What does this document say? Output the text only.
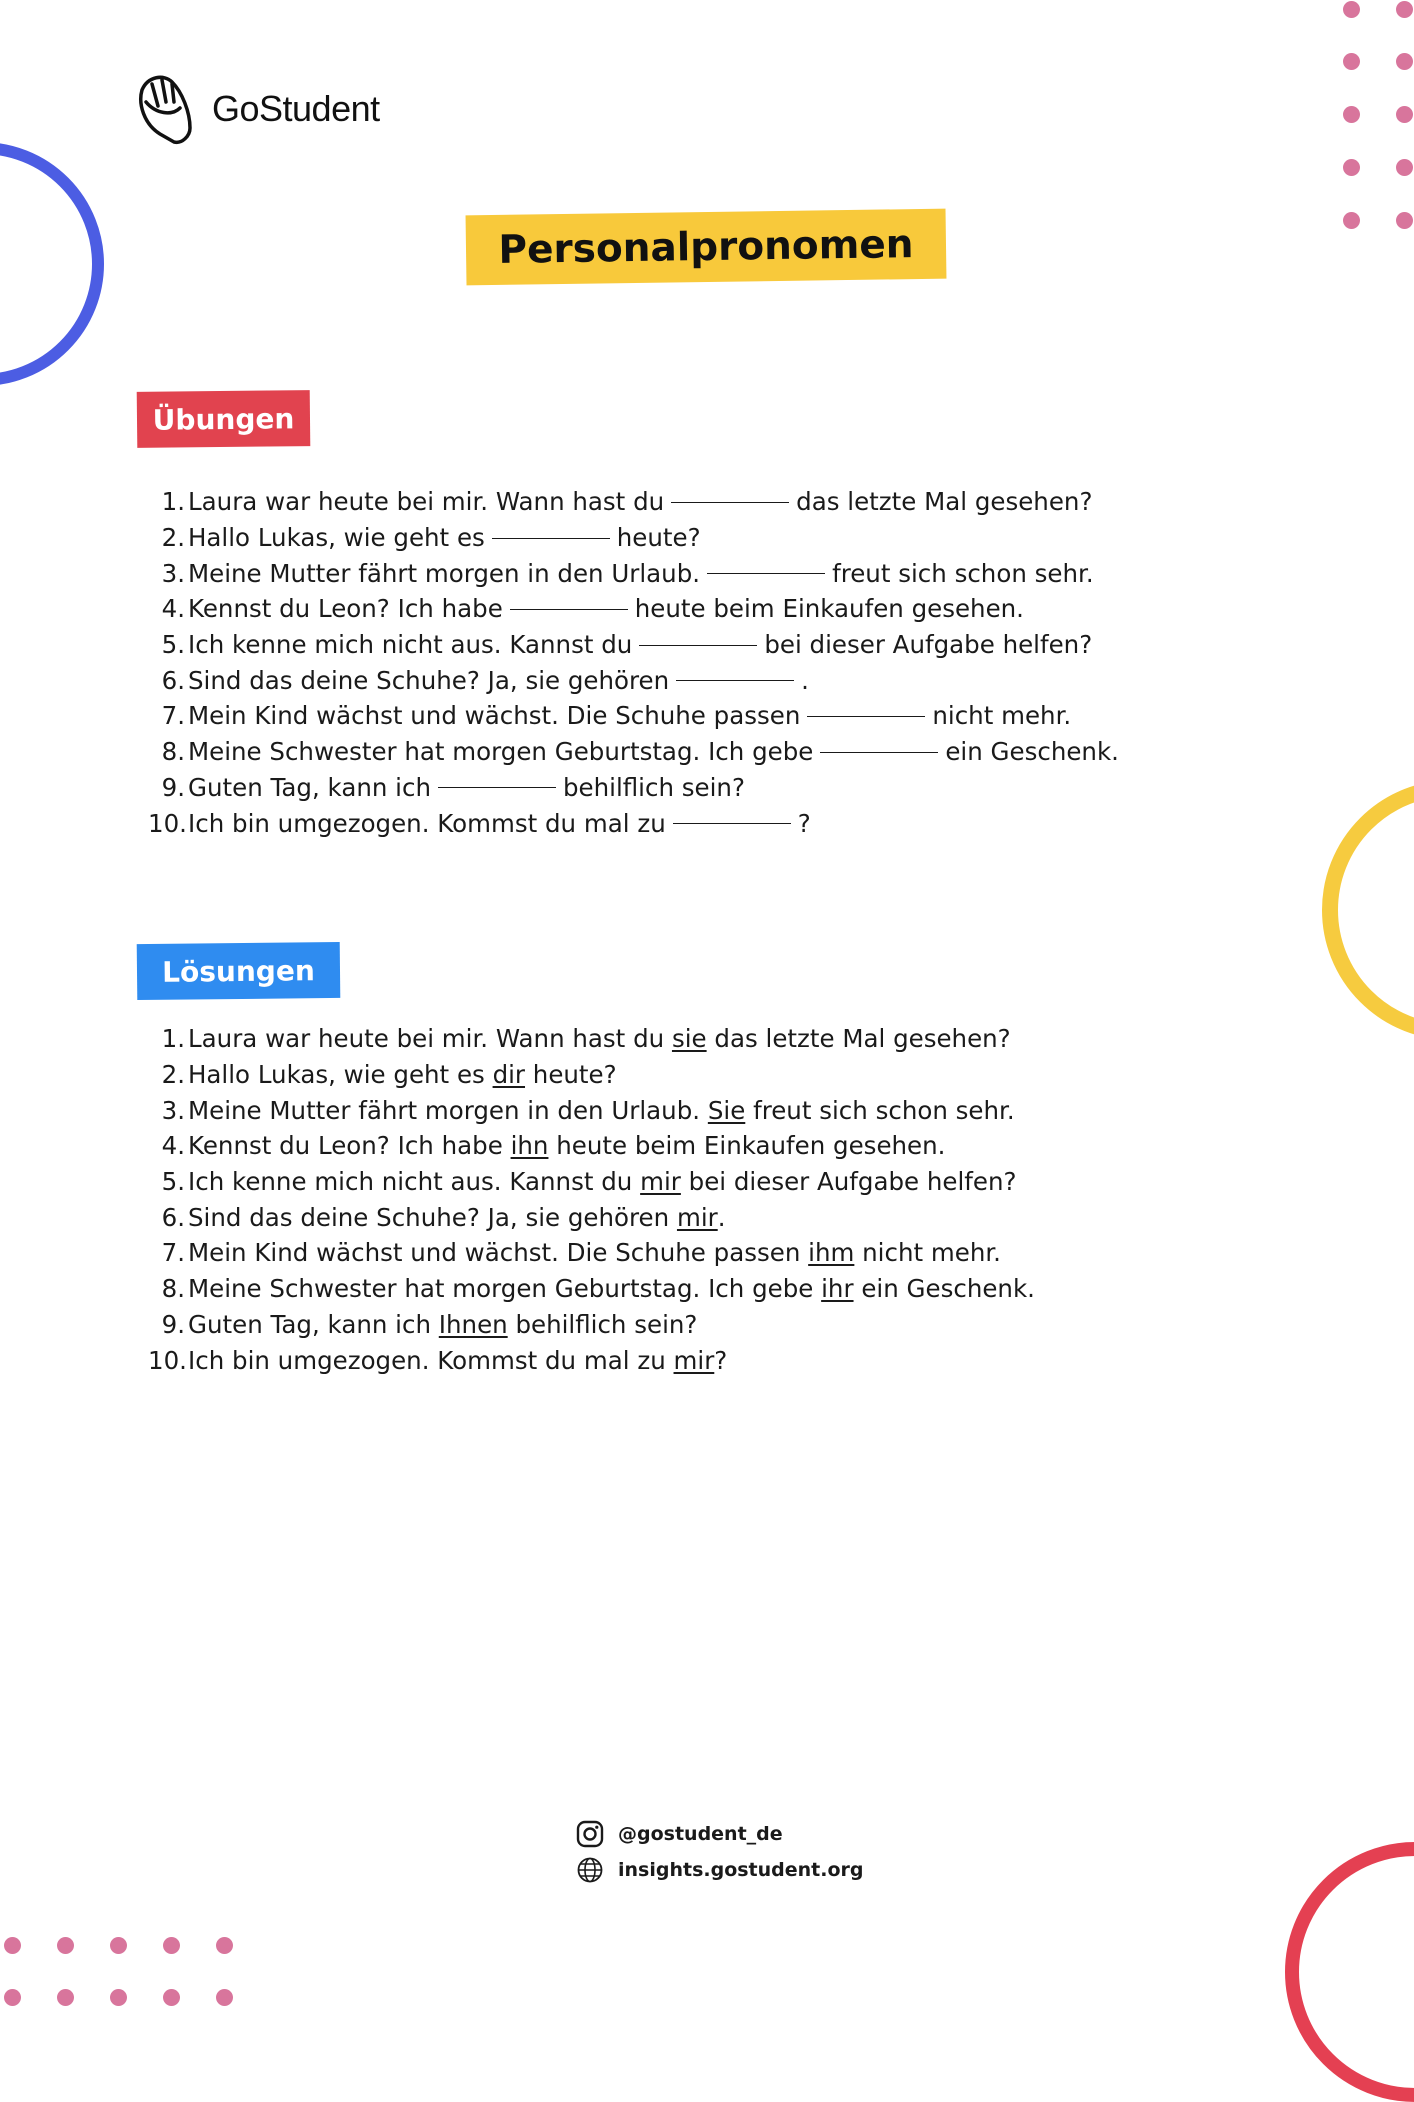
GoStudent
Personalpronomen
Übungen
1. Laura war heute bei mir. Wann hast du	das letzte Mal gesehen?
2. Hallo Lukas, wie geht es	heute?
3. Meine Mutter fährt morgen in den Urlaub.	freut sich schon sehr.
4. Kennst du Leon? Ich habe	heute beim Einkaufen gesehen.
5. Ich kenne mich nicht aus. Kannst du	bei dieser Aufgabe helfen?
6. Sind das deine Schuhe? Ja, sie gehören	.
7. Mein Kind wächst und wächst. Die Schuhe passen	nicht mehr.
8. Meine Schwester hat morgen Geburtstag. Ich gebe	ein Geschenk.
9. Guten Tag, kann ich	behilflich sein?
10. Ich bin umgezogen. Kommst du mal zu	?
Lösungen
1. Laura war heute bei mir. Wann hast du sie das letzte Mal gesehen?
2. Hallo Lukas, wie geht es dir heute?
3. Meine Mutter fährt morgen in den Urlaub. Sie freut sich schon sehr.
4. Kennst du Leon? Ich habe ihn heute beim Einkaufen gesehen.
5. Ich kenne mich nicht aus. Kannst du mir bei dieser Aufgabe helfen?
6. Sind das deine Schuhe? Ja, sie gehören mir .
7. Mein Kind wächst und wächst. Die Schuhe passen ihm nicht mehr.
8. Meine Schwester hat morgen Geburtstag. Ich gebe ihr ein Geschenk.
9. Guten Tag, kann ich Ihnen behilflich sein?
10. Ich bin umgezogen. Kommst du mal zu mir ?
@gostudent_de
insights.gostudent.org
